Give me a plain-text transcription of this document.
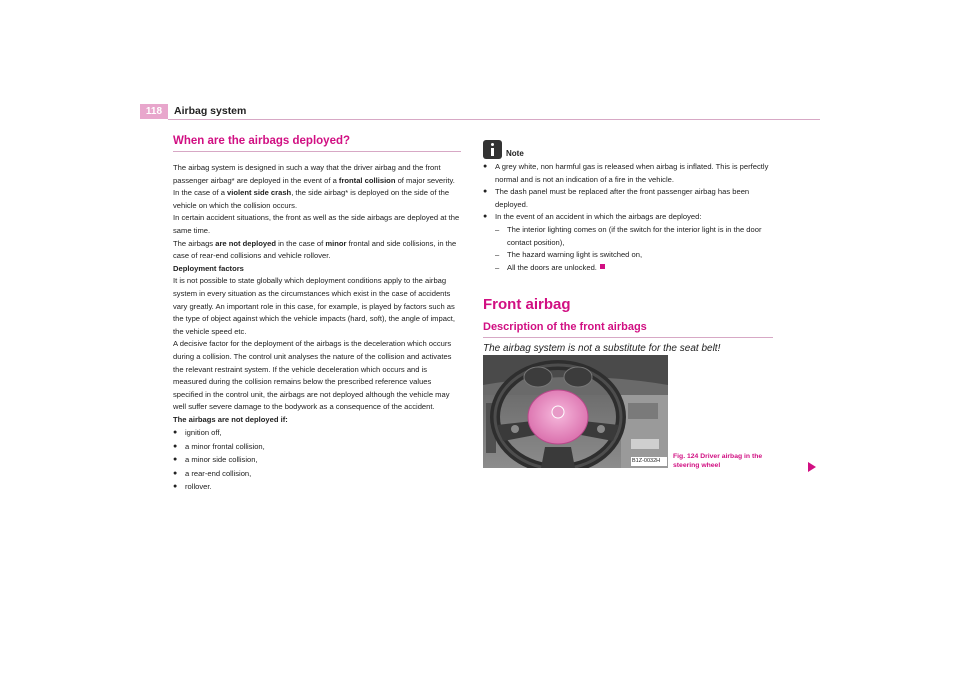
118	Airbag system
When are the airbags deployed?

The airbag system is designed in such a way that the driver airbag and the front passenger airbag* are deployed in the event of a frontal collision of major severity.

In the case of a violent side crash, the side airbag* is deployed on the side of the vehicle on which the collision occurs.

In certain accident situations, the front as well as the side airbags are deployed at the same time.

The airbags are not deployed in the case of minor frontal and side collisions, in the case of rear-end collisions and vehicle rollover.

Deployment factors

It is not possible to state globally which deployment conditions apply to the airbag system in every situation as the circumstances which exist in the case of accidents vary greatly. An important role in this case, for example, is played by factors such as the type of object against which the vehicle impacts (hard, soft), the angle of impact, the vehicle speed etc.

A decisive factor for the deployment of the airbags is the deceleration which occurs during a collision. The control unit analyses the nature of the collision and activates the relevant restraint system. If the vehicle deceleration which occurs and is measured during the collision remains below the prescribed reference values specified in the control unit, the airbags are not deployed although the vehicle may well suffer severe damage to the bodywork as a consequence of the accident.

The airbags are not deployed if:

● ignition off,
● a minor frontal collision,
● a minor side collision,
● a rear-end collision,
● rollover.
Note
● A grey white, non harmful gas is released when airbag is inflated. This is perfectly normal and is not an indication of a fire in the vehicle.
● The dash panel must be replaced after the front passenger airbag has been deployed.
● In the event of an accident in which the airbags are deployed:
– The interior lighting comes on (if the switch for the interior light is in the door contact position),
– The hazard warning light is switched on,
– All the doors are unlocked.
Front airbag
Description of the front airbags
The airbag system is not a substitute for the seat belt!
B1Z-0032H
Fig. 124 Driver airbag in the steering wheel
